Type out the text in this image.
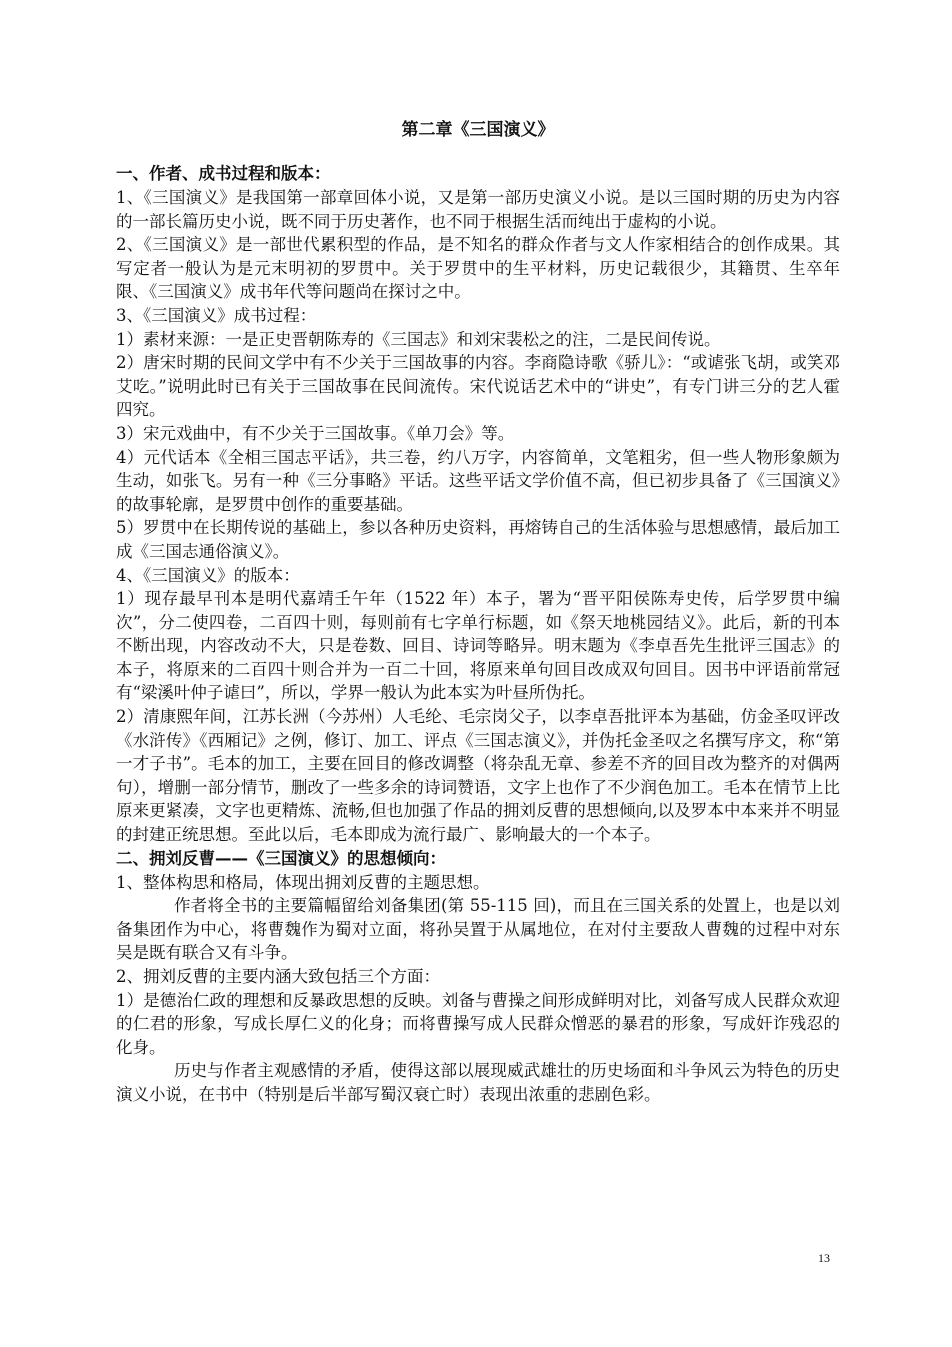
第二章《三国演义》
一、作者、成书过程和版本：

1、《三国演义》是我国第一部章回体小说，又是第一部历史演义小说。是以三国时期的历史为内容的一部长篇历史小说，既不同于历史著作，也不同于根据生活而纯出于虚构的小说。

2、《三国演义》是一部世代累积型的作品，是不知名的群众作者与文人作家相结合的创作成果。其写定者一般认为是元末明初的罗贯中。关于罗贯中的生平材料，历史记载很少，其籍贯、生卒年限、《三国演义》成书年代等问题尚在探讨之中。

3、《三国演义》成书过程：

1）素材来源：一是正史晋朝陈寿的《三国志》和刘宋裴松之的注，二是民间传说。

2）唐宋时期的民间文学中有不少关于三国故事的内容。李商隐诗歌《骄儿》：“或谑张飞胡，或笑邓艾吃。”说明此时已有关于三国故事在民间流传。宋代说话艺术中的“讲史”，有专门讲三分的艺人霍四究。

3）宋元戏曲中，有不少关于三国故事。《单刀会》等。

4）元代话本《全相三国志平话》，共三卷，约八万字，内容简单，文笔粗劣，但一些人物形象颇为生动，如张飞。另有一种《三分事略》平话。这些平话文学价值不高，但已初步具备了《三国演义》的故事轮廓，是罗贯中创作的重要基础。

5）罗贯中在长期传说的基础上，参以各种历史资料，再熔铸自己的生活体验与思想感情，最后加工成《三国志通俗演义》。

4、《三国演义》的版本：

1）现存最早刊本是明代嘉靖壬午年（1522 年）本子，署为“晋平阳侯陈寿史传，后学罗贯中编次”，分二使四卷，二百四十则，每则前有七字单行标题，如《祭天地桃园结义》。此后，新的刊本不断出现，内容改动不大，只是卷数、回目、诗词等略异。明末题为《李卓吾先生批评三国志》的本子，将原来的二百四十则合并为一百二十回，将原来单句回目改成双句回目。因书中评语前常冠有“梁溪叶仲子谑曰”，所以，学界一般认为此本实为叶昼所伪托。

2）清康熙年间，江苏长洲（今苏州）人毛纶、毛宗岗父子，以李卓吾批评本为基础，仿金圣叹评改《水浒传》《西厢记》之例，修订、加工、评点《三国志演义》，并伪托金圣叹之名撰写序文，称“第一才子书”。毛本的加工，主要在回目的修改调整（将杂乱无章、参差不齐的回目改为整齐的对偶两句），增删一部分情节，删改了一些多余的诗词赞语，文字上也作了不少润色加工。毛本在情节上比原来更紧凑，文字也更精炼、流畅,但也加强了作品的拥刘反曹的思想倾向,以及罗本中本来并不明显的封建正统思想。至此以后，毛本即成为流行最广、影响最大的一个本子。

二、拥刘反曹——《三国演义》的思想倾向：

1、整体构思和格局，体现出拥刘反曹的主题思想。

作者将全书的主要篇幅留给刘备集团(第 55-115 回)，而且在三国关系的处置上，也是以刘备集团作为中心，将曹魏作为蜀对立面，将孙吴置于从属地位，在对付主要敌人曹魏的过程中对东吴是既有联合又有斗争。

2、拥刘反曹的主要内涵大致包括三个方面：

1）是德治仁政的理想和反暴政思想的反映。刘备与曹操之间形成鲜明对比，刘备写成人民群众欢迎的仁君的形象，写成长厚仁义的化身；而将曹操写成人民群众憎恶的暴君的形象，写成奸诈残忍的化身。

历史与作者主观感情的矛盾，使得这部以展现威武雄壮的历史场面和斗争风云为特色的历史演义小说，在书中（特别是后半部写蜀汉衰亡时）表现出浓重的悲剧色彩。

13
